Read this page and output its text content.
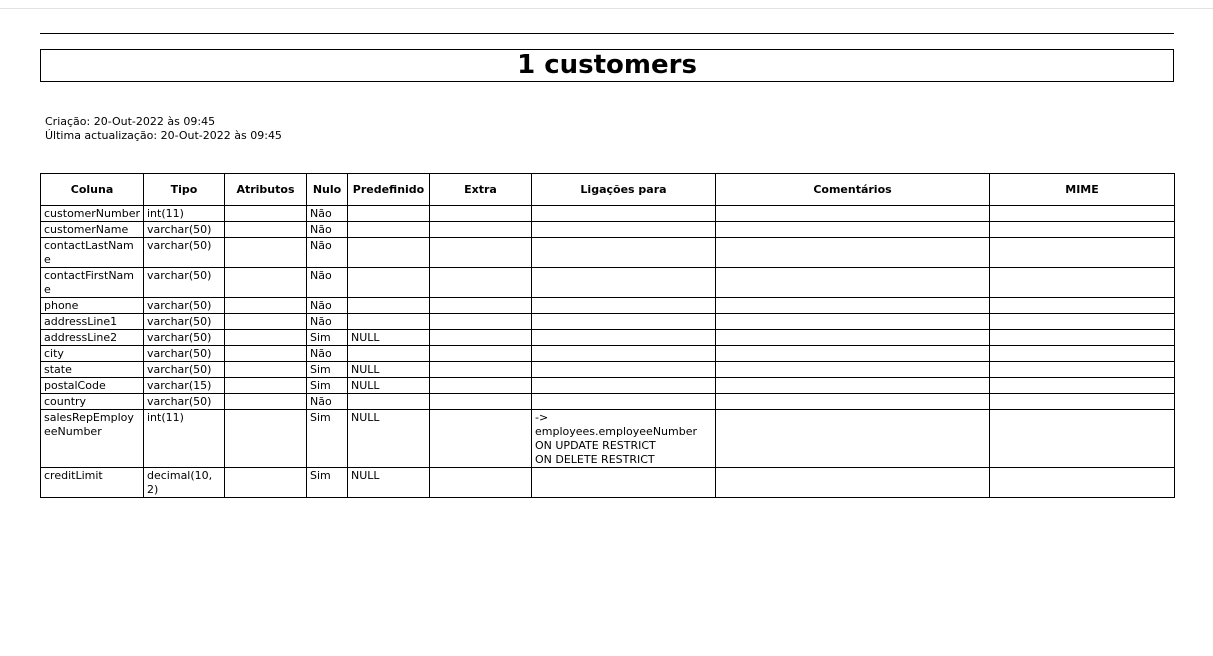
1 customers
Criação: 20-Out-2022 às 09:45
Última actualização: 20-Out-2022 às 09:45
Coluna	Tipo	Atributos	Nulo	Predefinido	Extra	Ligações para	Comentários	MIME
customerNumber	int(11)		Não					
customerName	varchar(50)		Não					
contactLastName	varchar(50)		Não					
contactFirstName	varchar(50)		Não					
phone	varchar(50)		Não					
addressLine1	varchar(50)		Não					
addressLine2	varchar(50)		Sim	NULL				
city	varchar(50)		Não					
state	varchar(50)		Sim	NULL				
postalCode	varchar(15)		Sim	NULL				
country	varchar(50)		Não					
salesRepEmployeeNumber	int(11)		Sim	NULL		->
employees.employeeNumber
ON UPDATE RESTRICT
ON DELETE RESTRICT		
creditLimit	decimal(10,2)		Sim	NULL				
